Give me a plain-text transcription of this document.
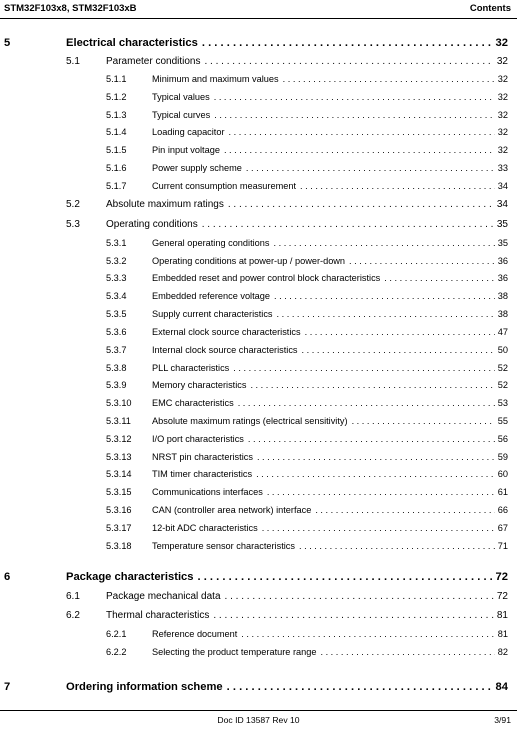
STM32F103x8, STM32F103xB	Contents
5	Electrical characteristics . . .	32
5.1	Parameter conditions . . .	32
5.1.1	Minimum and maximum values . . .	32
5.1.2	Typical values . . .	32
5.1.3	Typical curves . . .	32
5.1.4	Loading capacitor . . .	32
5.1.5	Pin input voltage . . .	32
5.1.6	Power supply scheme . . .	33
5.1.7	Current consumption measurement . . .	34
5.2	Absolute maximum ratings . . .	34
5.3	Operating conditions . . .	35
5.3.1	General operating conditions . . .	35
5.3.2	Operating conditions at power-up / power-down . . .	36
5.3.3	Embedded reset and power control block characteristics . . .	36
5.3.4	Embedded reference voltage . . .	38
5.3.5	Supply current characteristics . . .	38
5.3.6	External clock source characteristics . . .	47
5.3.7	Internal clock source characteristics . . .	50
5.3.8	PLL characteristics . . .	52
5.3.9	Memory characteristics . . .	52
5.3.10 EMC characteristics . . .	53
5.3.11 Absolute maximum ratings (electrical sensitivity) . . .	55
5.3.12 I/O port characteristics . . .	56
5.3.13 NRST pin characteristics . . .	59
5.3.14 TIM timer characteristics . . .	60
5.3.15 Communications interfaces . . .	61
5.3.16 CAN (controller area network) interface . . .	66
5.3.17 12-bit ADC characteristics . . .	67
5.3.18 Temperature sensor characteristics . . .	71
6	Package characteristics . . .	72
6.1	Package mechanical data . . .	72
6.2	Thermal characteristics . . .	81
6.2.1	Reference document . . .	81
6.2.2	Selecting the product temperature range . . .	82
7	Ordering information scheme . . .	84
Doc ID 13587 Rev 10	3/91
